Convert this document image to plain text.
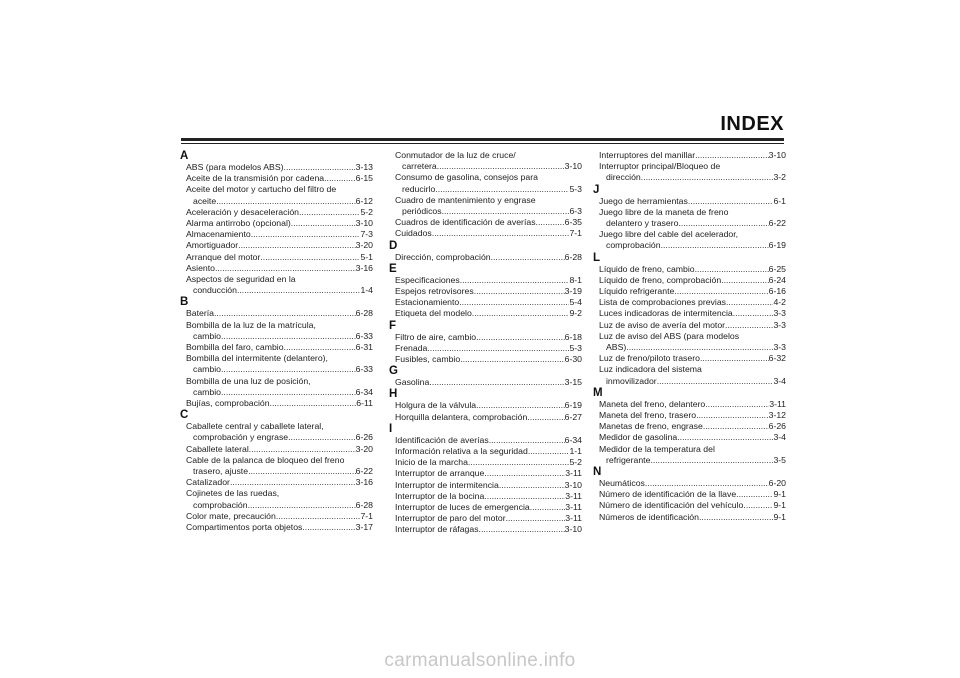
INDEX
A
ABS (para modelos ABS) .....	3-13
Aceite de la transmisión por cadena .....	6-15
Aceite del motor y cartucho del filtro de
aceite .....	6-12
Aceleración y desaceleración .....	5-2
Alarma antirrobo (opcional) .....	3-10
Almacenamiento .....	7-3
Amortiguador .....	3-20
Arranque del motor .....	5-1
Asiento .....	3-16
Aspectos de seguridad en la
conducción .....	1-4
B
Batería .....	6-28
Bombilla de la luz de la matrícula,
cambio .....	6-33
Bombilla del faro, cambio .....	6-31
Bombilla del intermitente (delantero),
cambio .....	6-33
Bombilla de una luz de posición,
cambio .....	6-34
Bujías, comprobación .....	6-11
C
Caballete central y caballete lateral,
comprobación y engrase .....	6-26
Caballete lateral .....	3-20
Cable de la palanca de bloqueo del freno
trasero, ajuste .....	6-22
Catalizador .....	3-16
Cojinetes de las ruedas,
comprobación .....	6-28
Color mate, precaución .....	7-1
Compartimentos porta objetos .....	3-17
Conmutador de la luz de cruce/
carretera .....	3-10
Consumo de gasolina, consejos para
reducirlo .....	5-3
Cuadro de mantenimiento y engrase
periódicos .....	6-3
Cuadros de identificación de averías .....	6-35
Cuidados .....	7-1
D
Dirección, comprobación .....	6-28
E
Especificaciones .....	8-1
Espejos retrovisores .....	3-19
Estacionamiento .....	5-4
Etiqueta del modelo .....	9-2
F
Filtro de aire, cambio .....	6-18
Frenada .....	5-3
Fusibles, cambio .....	6-30
G
Gasolina .....	3-15
H
Holgura de la válvula .....	6-19
Horquilla delantera, comprobación .....	6-27
I
Identificación de averías .....	6-34
Información relativa a la seguridad .....	1-1
Inicio de la marcha .....	5-2
Interruptor de arranque .....	3-11
Interruptor de intermitencia .....	3-10
Interruptor de la bocina .....	3-11
Interruptor de luces de emergencia .....	3-11
Interruptor de paro del motor .....	3-11
Interruptor de ráfagas .....	3-10
Interruptores del manillar .....	3-10
Interruptor principal/Bloqueo de
dirección .....	3-2
J
Juego de herramientas .....	6-1
Juego libre de la maneta de freno
delantero y trasero .....	6-22
Juego libre del cable del acelerador,
comprobación .....	6-19
L
Líquido de freno, cambio .....	6-25
Líquido de freno, comprobación .....	6-24
Líquido refrigerante .....	6-16
Lista de comprobaciones previas .....	4-2
Luces indicadoras de intermitencia .....	3-3
Luz de aviso de avería del motor .....	3-3
Luz de aviso del ABS (para modelos
ABS) .....	3-3
Luz de freno/piloto trasero .....	6-32
Luz indicadora del sistema
inmovilizador .....	3-4
M
Maneta del freno, delantero .....	3-11
Maneta del freno, trasero .....	3-12
Manetas de freno, engrase .....	6-26
Medidor de gasolina .....	3-4
Medidor de la temperatura del
refrigerante .....	3-5
N
Neumáticos .....	6-20
Número de identificación de la llave .....	9-1
Número de identificación del vehículo .....	9-1
Números de identificación .....	9-1
carmanualsonline.info
